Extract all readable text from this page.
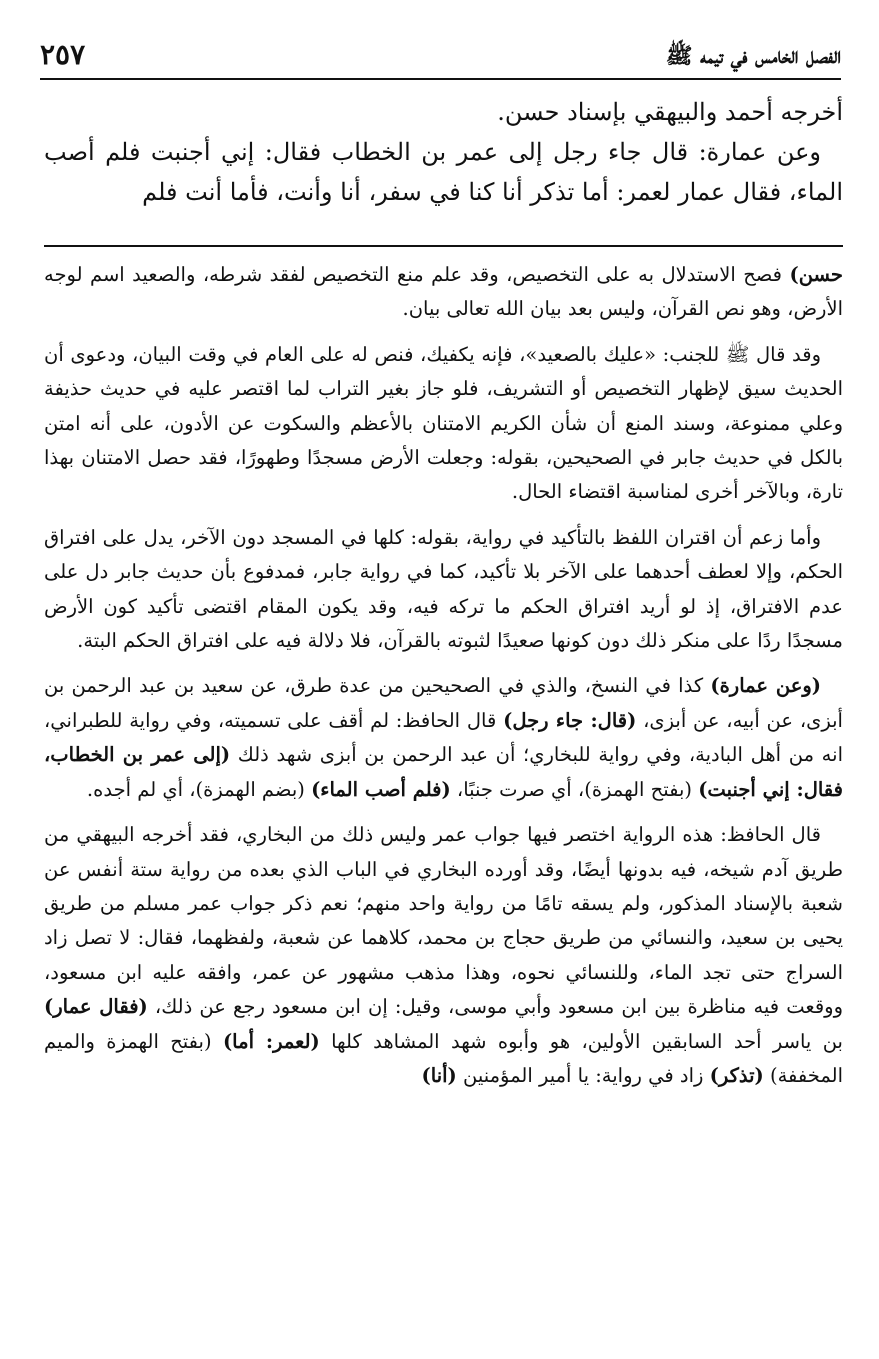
الفصل الخامس في تيمه ﷺ
٢٥٧

أخرجه أحمد والبيهقي بإسناد حسن.

وعن عمارة: قال جاء رجل إلى عمر بن الخطاب فقال: إني أجنبت فلم أصب الماء، فقال عمار لعمر: أما تذكر أنا كنا في سفر، أنا وأنت، فأما أنت فلم

حسن) فصح الاستدلال به على التخصيص، وقد علم منع التخصيص لفقد شرطه، والصعيد اسم لوجه الأرض، وهو نص القرآن، وليس بعد بيان الله تعالى بيان.

وقد قال ﷺ للجنب: «عليك بالصعيد»، فإنه يكفيك، فنص له على العام في وقت البيان، ودعوى أن الحديث سيق لإظهار التخصيص أو التشريف، فلو جاز بغير التراب لما اقتصر عليه في حديث حذيفة وعلي ممنوعة، وسند المنع أن شأن الكريم الامتنان بالأعظم والسكوت عن الأدون، على أنه امتن بالكل في حديث جابر في الصحيحين، بقوله: وجعلت الأرض مسجدًا وطهورًا، فقد حصل الامتنان بهذا تارة، وبالآخر أخرى لمناسبة اقتضاء الحال.

وأما زعم أن اقتران اللفظ بالتأكيد في رواية، بقوله: كلها في المسجد دون الآخر، يدل على افتراق الحكم، وإلا لعطف أحدهما على الآخر بلا تأكيد، كما في رواية جابر، فمدفوع بأن حديث جابر دل على عدم الافتراق، إذ لو أريد افتراق الحكم ما تركه فيه، وقد يكون المقام اقتضى تأكيد كون الأرض مسجدًا ردًا على منكر ذلك دون كونها صعيدًا لثبوته بالقرآن، فلا دلالة فيه على افتراق الحكم البتة.

(وعن عمارة) كذا في النسخ، والذي في الصحيحين من عدة طرق، عن سعيد بن عبد الرحمن بن أبزى، عن أبيه، عن أبزى، (قال: جاء رجل) قال الحافظ: لم أقف على تسميته، وفي رواية للطبراني، انه من أهل البادية، وفي رواية للبخاري؛ أن عبد الرحمن بن أبزى شهد ذلك (إلى عمر بن الخطاب، فقال: إني أجنبت) (بفتح الهمزة)، أي صرت جنبًا، (فلم أصب الماء) (بضم الهمزة)، أي لم أجده.

قال الحافظ: هذه الرواية اختصر فيها جواب عمر وليس ذلك من البخاري، فقد أخرجه البيهقي من طريق آدم شيخه، فيه بدونها أيضًا، وقد أورده البخاري في الباب الذي بعده من رواية ستة أنفس عن شعبة بالإسناد المذكور، ولم يسقه تامًا من رواية واحد منهم؛ نعم ذكر جواب عمر مسلم من طريق يحيى بن سعيد، والنسائي من طريق حجاج بن محمد، كلاهما عن شعبة، ولفظهما، فقال: لا تصل زاد السراج حتى تجد الماء، وللنسائي نحوه، وهذا مذهب مشهور عن عمر، وافقه عليه ابن مسعود، ووقعت فيه مناظرة بين ابن مسعود وأبي موسى، وقيل: إن ابن مسعود رجع عن ذلك، (فقال عمار) بن ياسر أحد السابقين الأولين، هو وأبوه شهد المشاهد كلها (لعمر: أما) (بفتح الهمزة والميم المخففة) (تذكر) زاد في رواية: يا أمير المؤمنين (أنا)
